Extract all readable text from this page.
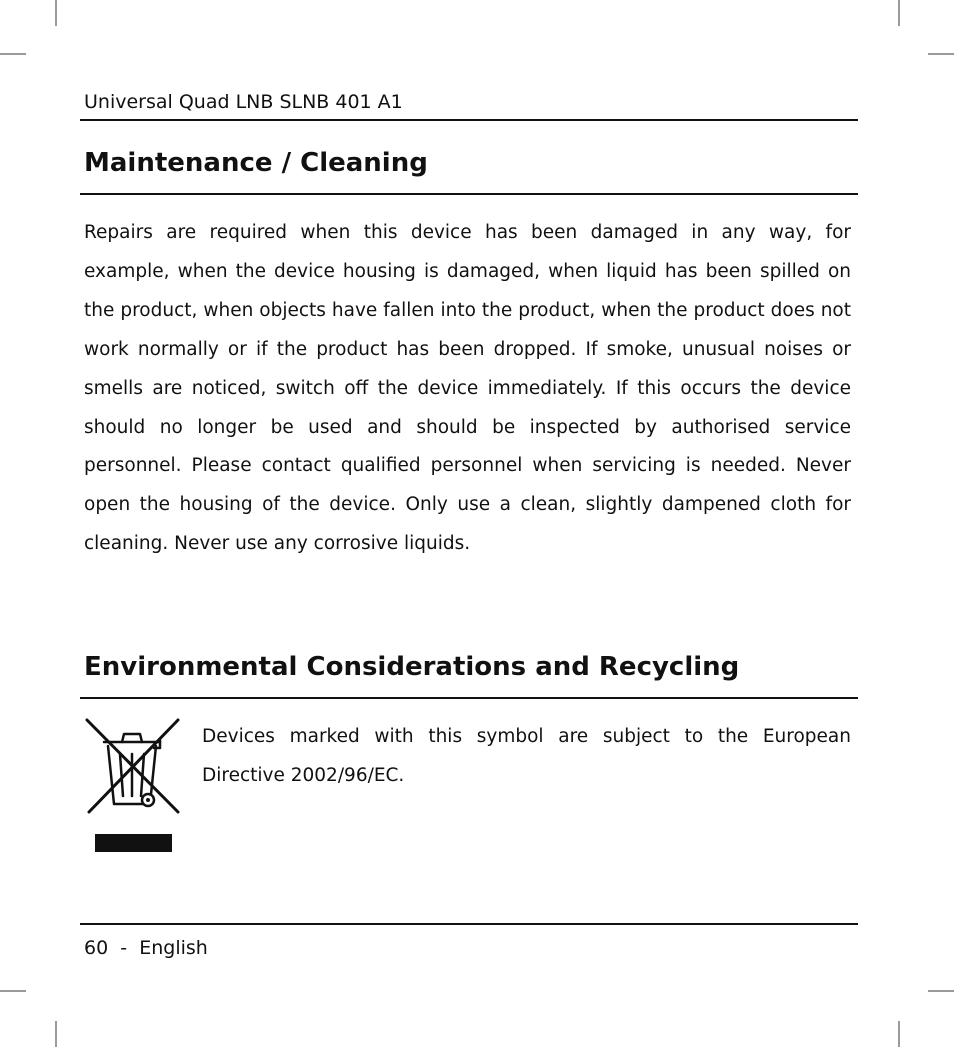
Universal Quad LNB SLNB 401 A1
Maintenance / Cleaning

Repairs are required when this device has been damaged in any way, for example, when the device housing is damaged, when liquid has been spilled on the product, when objects have fallen into the product, when the product does not work normally or if the product has been dropped. If smoke, unusual noises or smells are noticed, switch off the device immediately. If this occurs the device should no longer be used and should be inspected by authorised service personnel. Please contact qualified personnel when servicing is needed. Never open the housing of the device. Only use a clean, slightly dampened cloth for cleaning. Never use any corrosive liquids.

Environmental Considerations and Recycling

Devices marked with this symbol are subject to the European Directive 2002/96/EC.

60 - English
